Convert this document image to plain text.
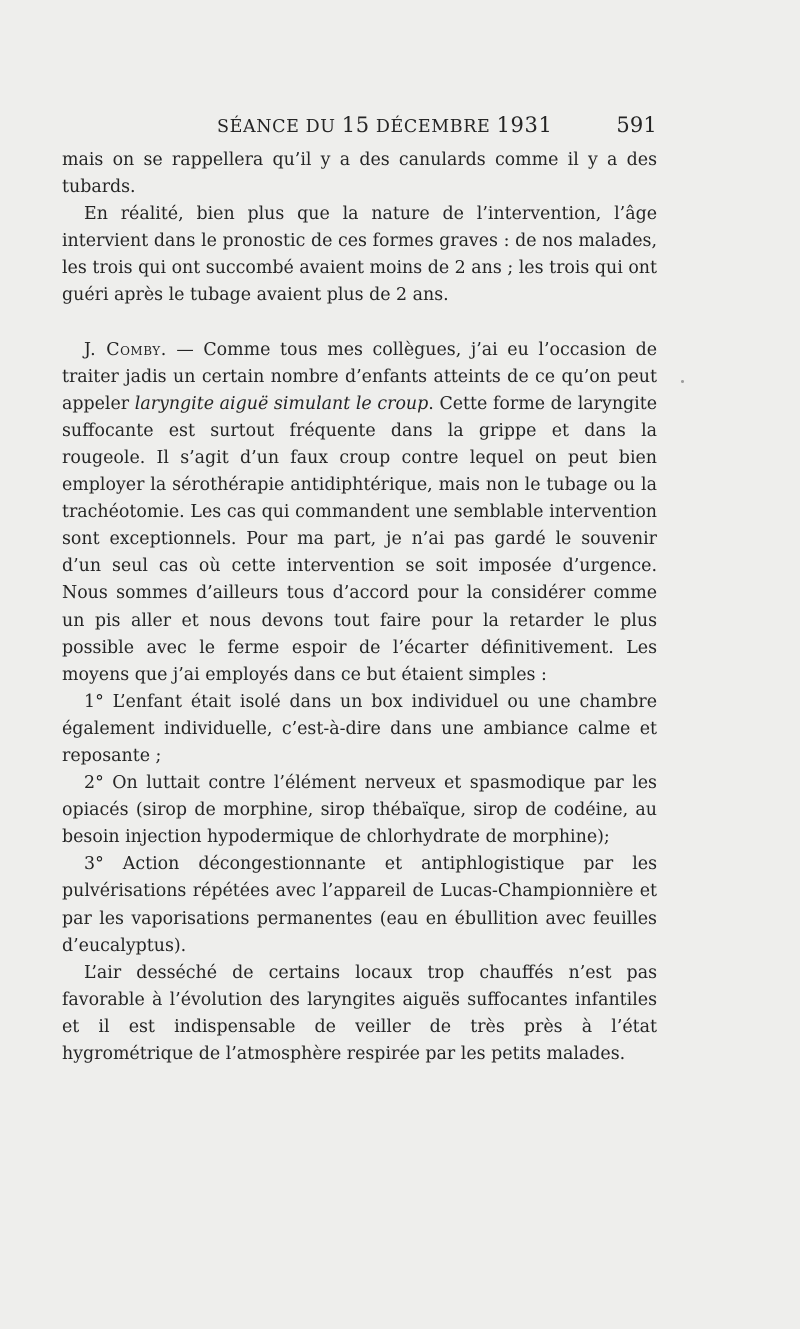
SÉANCE DU 15 DÉCEMBRE 1931	591

mais on se rappellera qu’il y a des canulards comme il y a des tubards.

En réalité, bien plus que la nature de l’intervention, l’âge intervient dans le pronostic de ces formes graves : de nos malades, les trois qui ont succombé avaient moins de 2 ans ; les trois qui ont guéri après le tubage avaient plus de 2 ans.

J. Comby. — Comme tous mes collègues, j’ai eu l’occasion de traiter jadis un certain nombre d’enfants atteints de ce qu’on peut appeler laryngite aiguë simulant le croup. Cette forme de laryngite suffocante est surtout fréquente dans la grippe et dans la rougeole. Il s’agit d’un faux croup contre lequel on peut bien employer la sérothérapie antidiphtérique, mais non le tubage ou la trachéotomie. Les cas qui commandent une semblable intervention sont exceptionnels. Pour ma part, je n’ai pas gardé le souvenir d’un seul cas où cette intervention se soit imposée d’urgence. Nous sommes d’ailleurs tous d’accord pour la considérer comme un pis aller et nous devons tout faire pour la retarder le plus possible avec le ferme espoir de l’écarter définitivement. Les moyens que j’ai employés dans ce but étaient simples :

1° L’enfant était isolé dans un box individuel ou une chambre également individuelle, c’est-à-dire dans une ambiance calme et reposante ;

2° On luttait contre l’élément nerveux et spasmodique par les opiacés (sirop de morphine, sirop thébaïque, sirop de codéine, au besoin injection hypodermique de chlorhydrate de morphine);

3° Action décongestionnante et antiphlogistique par les pulvérisations répétées avec l’appareil de Lucas-Championnière et par les vaporisations permanentes (eau en ébullition avec feuilles d’eucalyptus).

L’air desséché de certains locaux trop chauffés n’est pas favorable à l’évolution des laryngites aiguës suffocantes infantiles et il est indispensable de veiller de très près à l’état hygrométrique de l’atmosphère respirée par les petits malades.
